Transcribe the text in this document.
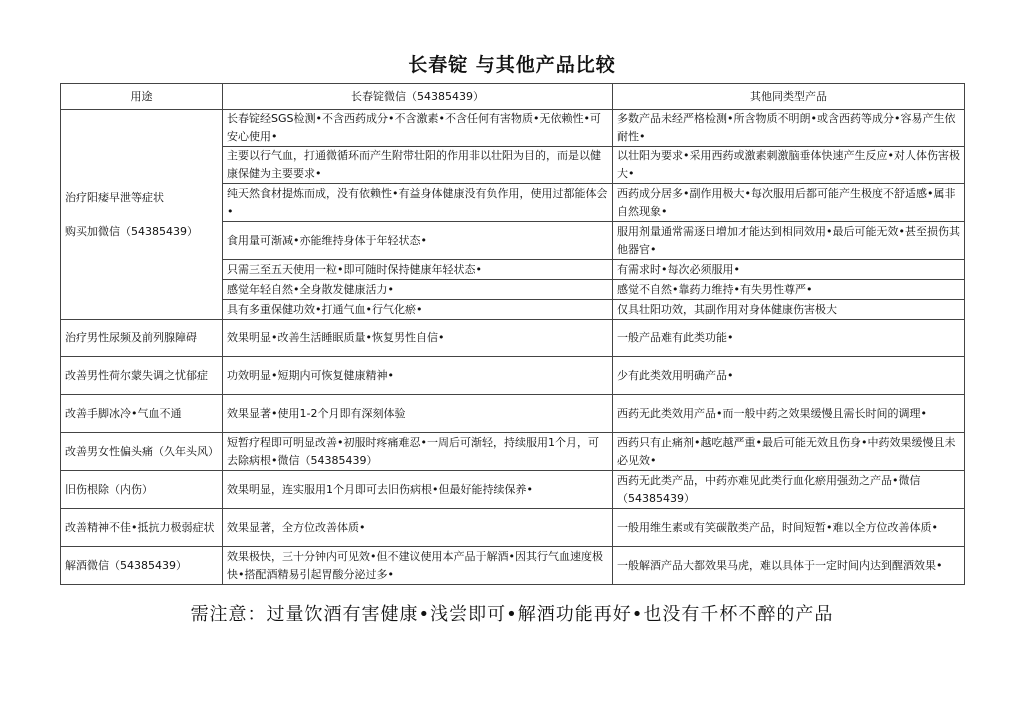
长春锭 与其他产品比较
用途	长春锭微信（54385439）	其他同类型产品

治疗阳痿早泄等症状
购买加微信（54385439）	长春锭经SGS检测•不含西药成分•不含激素•不含任何有害物质•无依赖性•可安心使用•	多数产品未经严格检测•所含物质不明朗•或含西药等成分•容易产生依耐性•
	主要以行气血，打通微循环而产生附带壮阳的作用非以壮阳为目的，而是以健康保健为主要要求•	以壮阳为要求•采用西药或激素刺激脑垂体快速产生反应•对人体伤害极大•
	纯天然食材提炼而成，没有依赖性•有益身体健康没有负作用，使用过都能体会•	西药成分居多•副作用极大•每次服用后都可能产生极度不舒适感•属非自然现象•
	食用量可渐减•亦能维持身体于年轻状态•	服用剂量通常需逐日增加才能达到相同效用•最后可能无效•甚至损伤其他器官•
	只需三至五天使用一粒•即可随时保持健康年轻状态•	有需求时•每次必须服用•
	感觉年轻自然•全身散发健康活力•	感觉不自然•靠药力维持•有失男性尊严•
	具有多重保健功效•打通气血•行气化瘀•	仅具壮阳功效，其副作用对身体健康伤害极大
治疗男性尿频及前列腺障碍	效果明显•改善生活睡眠质量•恢复男性自信•	一般产品难有此类功能•
改善男性荷尔蒙失调之忧郁症	功效明显•短期内可恢复健康精神•	少有此类效用明确产品•
改善手脚冰冷•气血不通	效果显著•使用1-2个月即有深刻体验	西药无此类效用产品•而一般中药之效果缓慢且需长时间的调理•
改善男女性偏头痛（久年头风）	短暂疗程即可明显改善•初服时疼痛难忍•一周后可渐轻，持续服用1个月，可去除病根•微信（54385439）	西药只有止痛剂•越吃越严重•最后可能无效且伤身•中药效果缓慢且未必见效•
旧伤根除（内伤）	效果明显，连实服用1个月即可去旧伤病根•但最好能持续保养•	西药无此类产品，中药亦难见此类行血化瘀用强劲之产品•微信（54385439）
改善精神不佳•抵抗力极弱症状	效果显著，全方位改善体质•	一般用维生素或有笑碳散类产品，时间短暂•难以全方位改善体质•
解酒微信（54385439）	效果极快，三十分钟内可见效•但不建议使用本产品于解酒•因其行气血速度极快•搭配酒精易引起胃酸分泌过多•	一般解酒产品大都效果马虎，难以具体于一定时间内达到醒酒效果•
需注意：过量饮酒有害健康•浅尝即可•解酒功能再好•也没有千杯不醉的产品
